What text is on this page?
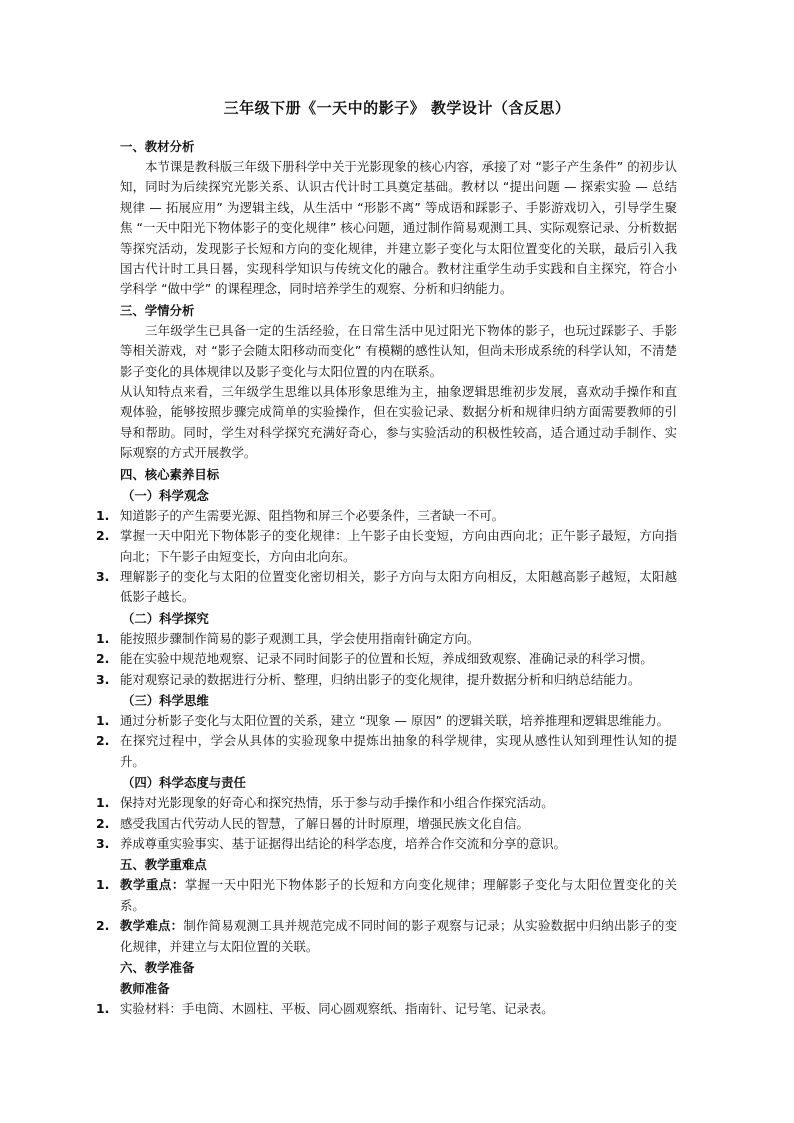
三年级下册《一天中的影子》 教学设计（含反思）
一、教材分析

本节课是教科版三年级下册科学中关于光影现象的核心内容，承接了对 “影子产生条件” 的初步认知，同时为后续探究光影关系、认识古代计时工具奠定基础。教材以 “提出问题 — 探索实验 — 总结规律 — 拓展应用” 为逻辑主线，从生活中 “形影不离” 等成语和踩影子、手影游戏切入，引导学生聚焦 “一天中阳光下物体影子的变化规律” 核心问题，通过制作简易观测工具、实际观察记录、分析数据等探究活动，发现影子长短和方向的变化规律，并建立影子变化与太阳位置变化的关联，最后引入我国古代计时工具日晷，实现科学知识与传统文化的融合。教材注重学生动手实践和自主探究，符合小学科学 “做中学” 的课程理念，同时培养学生的观察、分析和归纳能力。

三、学情分析

三年级学生已具备一定的生活经验，在日常生活中见过阳光下物体的影子，也玩过踩影子、手影等相关游戏，对 “影子会随太阳移动而变化” 有模糊的感性认知，但尚未形成系统的科学认知，不清楚影子变化的具体规律以及影子变化与太阳位置的内在联系。

从认知特点来看，三年级学生思维以具体形象思维为主，抽象逻辑思维初步发展，喜欢动手操作和直观体验，能够按照步骤完成简单的实验操作，但在实验记录、数据分析和规律归纳方面需要教师的引导和帮助。同时，学生对科学探究充满好奇心，参与实验活动的积极性较高，适合通过动手制作、实际观察的方式开展教学。

四、核心素养目标
（一）科学观念
1. 知道影子的产生需要光源、阻挡物和屏三个必要条件，三者缺一不可。
2. 掌握一天中阳光下物体影子的变化规律：上午影子由长变短，方向由西向北；正午影子最短，方向指向北；下午影子由短变长，方向由北向东。
3. 理解影子的变化与太阳的位置变化密切相关，影子方向与太阳方向相反，太阳越高影子越短，太阳越低影子越长。
（二）科学探究
1. 能按照步骤制作简易的影子观测工具，学会使用指南针确定方向。
2. 能在实验中规范地观察、记录不同时间影子的位置和长短，养成细致观察、准确记录的科学习惯。
3. 能对观察记录的数据进行分析、整理，归纳出影子的变化规律，提升数据分析和归纳总结能力。
（三）科学思维
1. 通过分析影子变化与太阳位置的关系，建立 “现象 — 原因” 的逻辑关联，培养推理和逻辑思维能力。
2. 在探究过程中，学会从具体的实验现象中提炼出抽象的科学规律，实现从感性认知到理性认知的提升。
（四）科学态度与责任
1. 保持对光影现象的好奇心和探究热情，乐于参与动手操作和小组合作探究活动。
2. 感受我国古代劳动人民的智慧，了解日晷的计时原理，增强民族文化自信。
3. 养成尊重实验事实、基于证据得出结论的科学态度，培养合作交流和分享的意识。
五、教学重难点
1. 教学重点：掌握一天中阳光下物体影子的长短和方向变化规律；理解影子变化与太阳位置变化的关系。
2. 教学难点：制作简易观测工具并规范完成不同时间的影子观察与记录；从实验数据中归纳出影子的变化规律，并建立与太阳位置的关联。
六、教学准备
教师准备
1. 实验材料：手电筒、木圆柱、平板、同心圆观察纸、指南针、记号笔、记录表。
